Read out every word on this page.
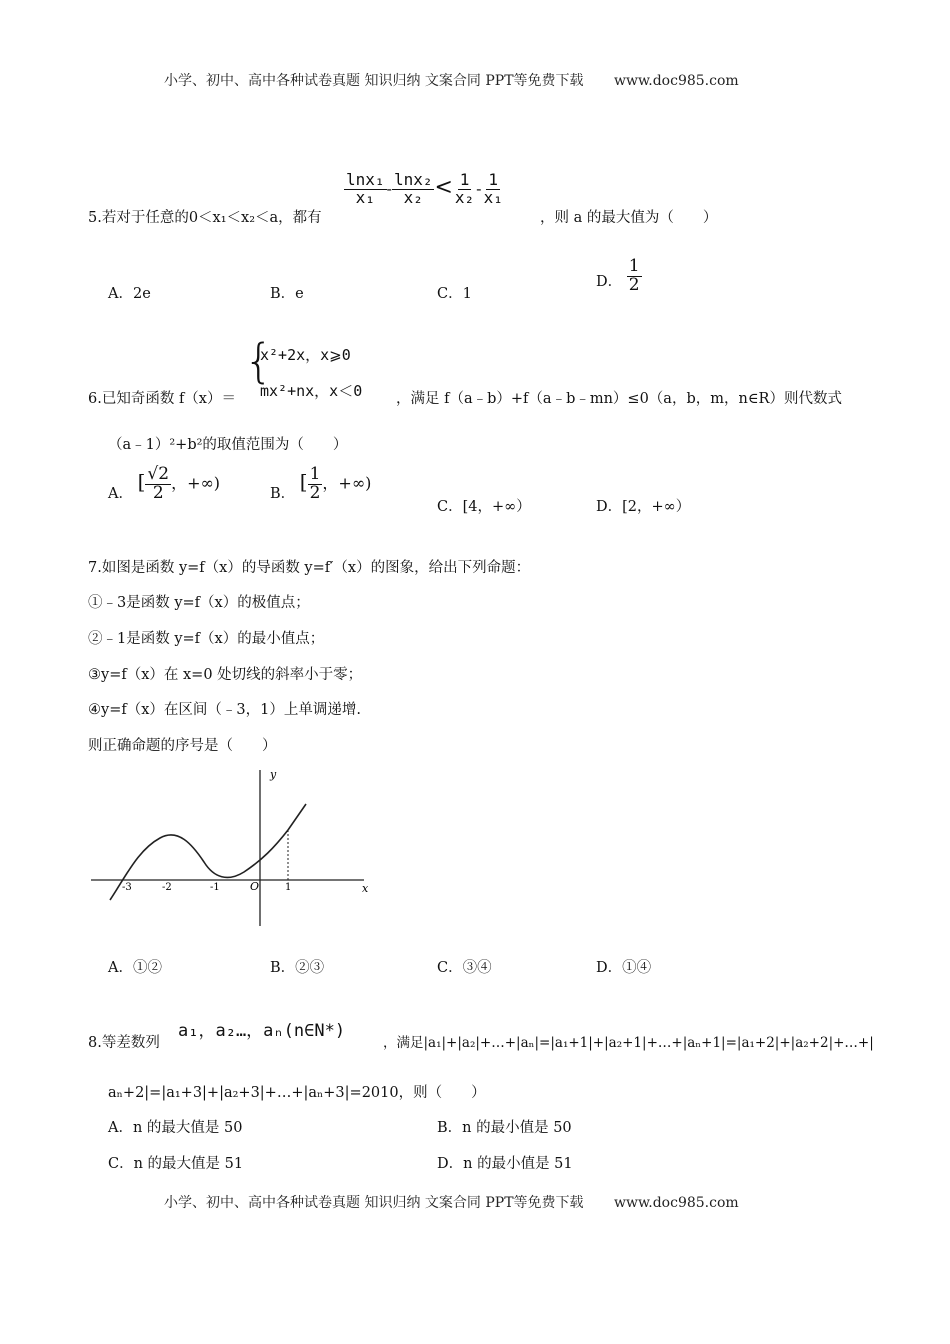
小学、初中、高中各种试卷真题 知识归纳 文案合同 PPT等免费下载 www.doc985.com
$\frac{\text{lnx₁}}{\text{x₁}} - \frac{\text{lnx₂}}{\text{x₂}} < \frac{1}{\text{x₂}} - \frac{1}{\text{x₁}}$
5.若对于任意的0＜x₁＜x₂＜a，都有	，则 a 的最大值为（　　）
A．2e	B．e	C．1
D． $\frac{1}{2}$
6.已知奇函数 f（x）＝
{
x²+2x，x⩾0
mx²+nx，x＜0 ，满足 f（a﹣b）+f（a﹣b﹣mn）≤0（a，b，m，n∈R）则代数式
（a﹣1）²+b²的取值范围为（　　）
A． [ $\frac{√2}{2}$ ，+∞)
B． [ $\frac{1}{2}$ ，+∞)
C．[4，+∞）	D．[2，+∞）
7.如图是函数 y=f（x）的导函数 y=f′（x）的图象，给出下列命题：
①﹣3是函数 y=f（x）的极值点；
②﹣1是函数 y=f（x）的最小值点；
③y=f（x）在 x=0 处切线的斜率小于零；
④y=f（x）在区间（﹣3，1）上单调递增.
则正确命题的序号是（　　）
y
x
O
-3	-2	-1	1
A．①②	B．②③	C．③④	D．①④
8.等差数列
a₁，a₂…，aₙ(n∈N*)
，满足|a₁|+|a₂|+…+|aₙ|=|a₁+1|+|a₂+1|+…+|aₙ+1|=|a₁+2|+|a₂+2|+…+|
aₙ+2|=|a₁+3|+|a₂+3|+…+|aₙ+3|=2010，则（　　）
A．n 的最大值是 50	B．n 的最小值是 50
C．n 的最大值是 51	D．n 的最小值是 51
小学、初中、高中各种试卷真题 知识归纳 文案合同 PPT等免费下载 www.doc985.com
